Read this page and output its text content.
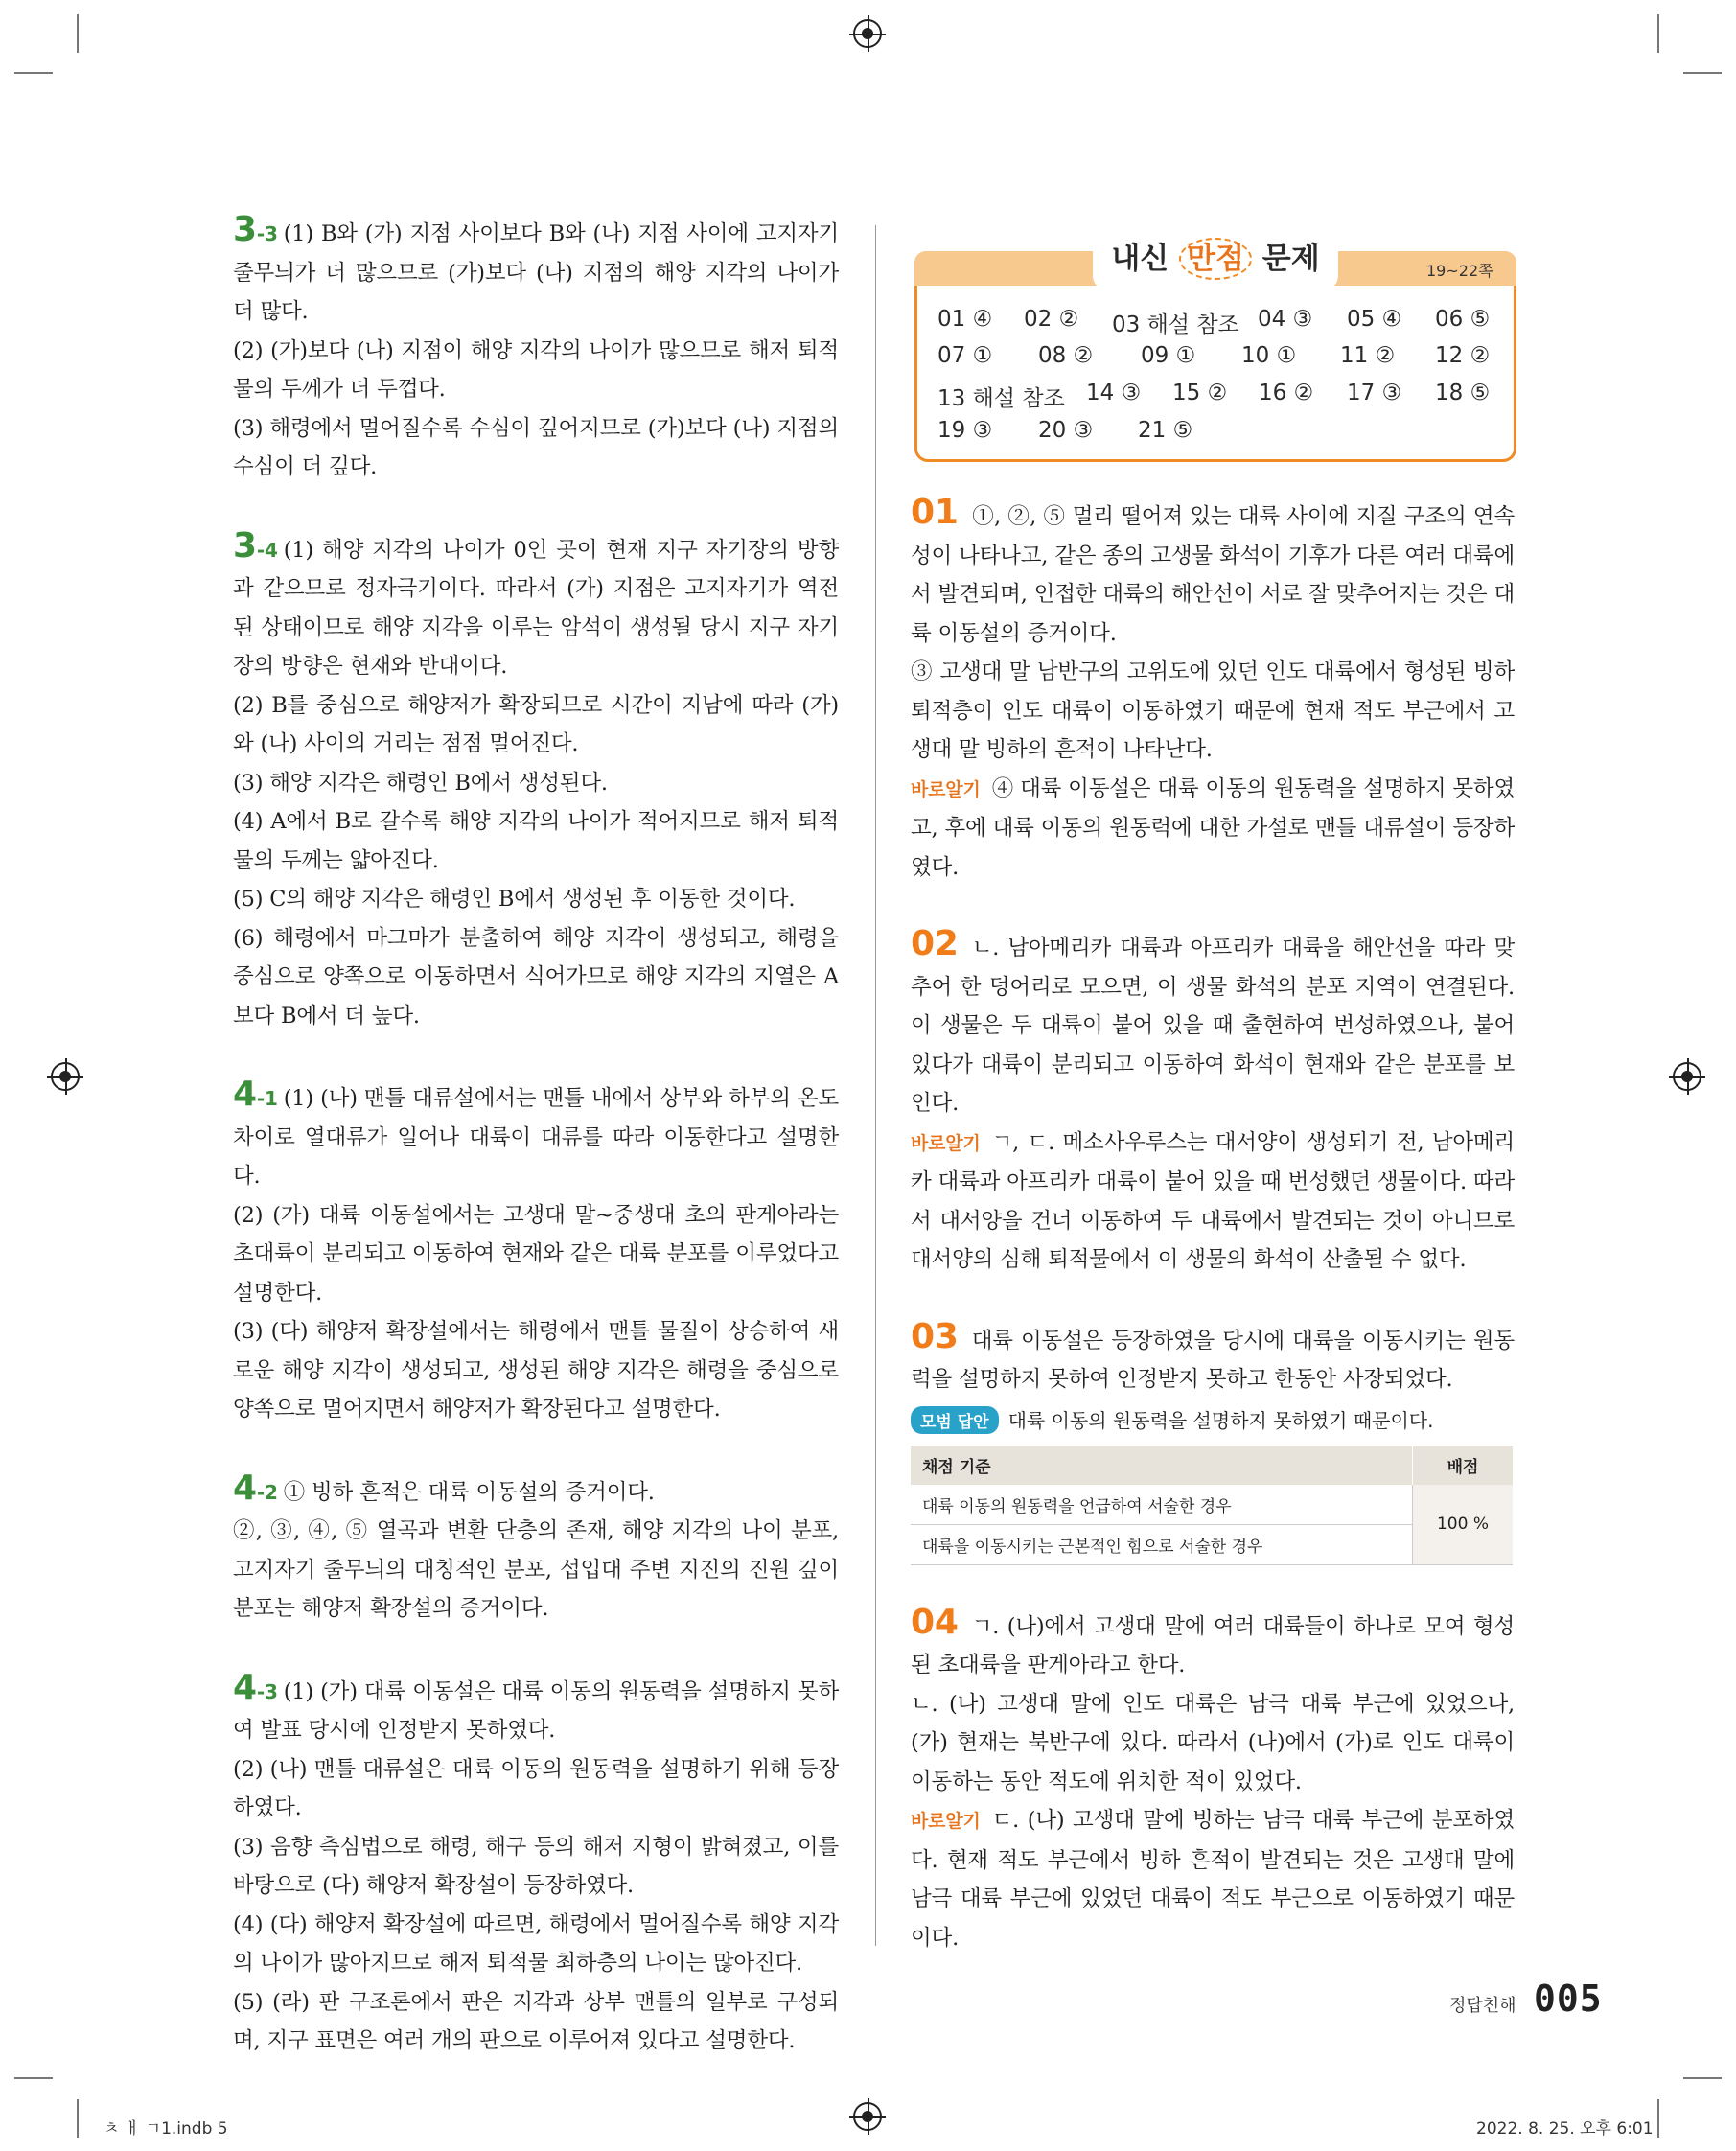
3-3 (1) B와 (가) 지점 사이보다 B와 (나) 지점 사이에 고지자기 줄무늬가 더 많으므로 (가)보다 (나) 지점의 해양 지각의 나이가 더 많다.

(2) (가)보다 (나) 지점이 해양 지각의 나이가 많으므로 해저 퇴적물의 두께가 더 두껍다.

(3) 해령에서 멀어질수록 수심이 깊어지므로 (가)보다 (나) 지점의 수심이 더 깊다.

3-4 (1) 해양 지각의 나이가 0인 곳이 현재 지구 자기장의 방향과 같으므로 정자극기이다. 따라서 (가) 지점은 고지자기가 역전된 상태이므로 해양 지각을 이루는 암석이 생성될 당시 지구 자기장의 방향은 현재와 반대이다.

(2) B를 중심으로 해양저가 확장되므로 시간이 지남에 따라 (가)와 (나) 사이의 거리는 점점 멀어진다.

(3) 해양 지각은 해령인 B에서 생성된다.

(4) A에서 B로 갈수록 해양 지각의 나이가 적어지므로 해저 퇴적물의 두께는 얇아진다.

(5) C의 해양 지각은 해령인 B에서 생성된 후 이동한 것이다.

(6) 해령에서 마그마가 분출하여 해양 지각이 생성되고, 해령을 중심으로 양쪽으로 이동하면서 식어가므로 해양 지각의 지열은 A보다 B에서 더 높다.

4-1 (1) (나) 맨틀 대류설에서는 맨틀 내에서 상부와 하부의 온도 차이로 열대류가 일어나 대륙이 대류를 따라 이동한다고 설명한다.

(2) (가) 대륙 이동설에서는 고생대 말~중생대 초의 판게아라는 초대륙이 분리되고 이동하여 현재와 같은 대륙 분포를 이루었다고 설명한다.

(3) (다) 해양저 확장설에서는 해령에서 맨틀 물질이 상승하여 새로운 해양 지각이 생성되고, 생성된 해양 지각은 해령을 중심으로 양쪽으로 멀어지면서 해양저가 확장된다고 설명한다.

4-2 ① 빙하 흔적은 대륙 이동설의 증거이다.

②, ③, ④, ⑤ 열곡과 변환 단층의 존재, 해양 지각의 나이 분포, 고지자기 줄무늬의 대칭적인 분포, 섭입대 주변 지진의 진원 깊이 분포는 해양저 확장설의 증거이다.

4-3 (1) (가) 대륙 이동설은 대륙 이동의 원동력을 설명하지 못하여 발표 당시에 인정받지 못하였다.

(2) (나) 맨틀 대류설은 대륙 이동의 원동력을 설명하기 위해 등장하였다.

(3) 음향 측심법으로 해령, 해구 등의 해저 지형이 밝혀졌고, 이를 바탕으로 (다) 해양저 확장설이 등장하였다.

(4) (다) 해양저 확장설에 따르면, 해령에서 멀어질수록 해양 지각의 나이가 많아지므로 해저 퇴적물 최하층의 나이는 많아진다.

(5) (라) 판 구조론에서 판은 지각과 상부 맨틀의 일부로 구성되며, 지구 표면은 여러 개의 판으로 이루어져 있다고 설명한다.

내신 만점 문제	19~22쪽
01 ④ 02 ② 03 해설 참조 04 ③ 05 ④ 06 ⑤
07 ① 08 ② 09 ① 10 ① 11 ② 12 ②
13 해설 참조 14 ③ 15 ② 16 ② 17 ③ 18 ⑤
19 ③ 20 ③ 21 ⑤

01 ①, ②, ⑤ 멀리 떨어져 있는 대륙 사이에 지질 구조의 연속성이 나타나고, 같은 종의 고생물 화석이 기후가 다른 여러 대륙에서 발견되며, 인접한 대륙의 해안선이 서로 잘 맞추어지는 것은 대륙 이동설의 증거이다.

③ 고생대 말 남반구의 고위도에 있던 인도 대륙에서 형성된 빙하 퇴적층이 인도 대륙이 이동하였기 때문에 현재 적도 부근에서 고생대 말 빙하의 흔적이 나타난다.

바로알기 ④ 대륙 이동설은 대륙 이동의 원동력을 설명하지 못하였고, 후에 대륙 이동의 원동력에 대한 가설로 맨틀 대류설이 등장하였다.

02 ㄴ. 남아메리카 대륙과 아프리카 대륙을 해안선을 따라 맞추어 한 덩어리로 모으면, 이 생물 화석의 분포 지역이 연결된다. 이 생물은 두 대륙이 붙어 있을 때 출현하여 번성하였으나, 붙어 있다가 대륙이 분리되고 이동하여 화석이 현재와 같은 분포를 보인다.

바로알기 ㄱ, ㄷ. 메소사우루스는 대서양이 생성되기 전, 남아메리카 대륙과 아프리카 대륙이 붙어 있을 때 번성했던 생물이다. 따라서 대서양을 건너 이동하여 두 대륙에서 발견되는 것이 아니므로 대서양의 심해 퇴적물에서 이 생물의 화석이 산출될 수 없다.

03 대륙 이동설은 등장하였을 당시에 대륙을 이동시키는 원동력을 설명하지 못하여 인정받지 못하고 한동안 사장되었다.

모범 답안 대륙 이동의 원동력을 설명하지 못하였기 때문이다.
채점 기준	배점
대륙 이동의 원동력을 언급하여 서술한 경우	100 %
대륙을 이동시키는 근본적인 힘으로 서술한 경우	

04 ㄱ. (나)에서 고생대 말에 여러 대륙들이 하나로 모여 형성된 초대륙을 판게아라고 한다.

ㄴ. (나) 고생대 말에 인도 대륙은 남극 대륙 부근에 있었으나, (가) 현재는 북반구에 있다. 따라서 (나)에서 (가)로 인도 대륙이 이동하는 동안 적도에 위치한 적이 있었다.

바로알기 ㄷ. (나) 고생대 말에 빙하는 남극 대륙 부근에 분포하였다. 현재 적도 부근에서 빙하 흔적이 발견되는 것은 고생대 말에 남극 대륙 부근에 있었던 대륙이 적도 부근으로 이동하였기 때문이다.

정답친해 005
ㅊ ㅐ ㄱ1.indb 5	2022. 8. 25. 오후 6:01
